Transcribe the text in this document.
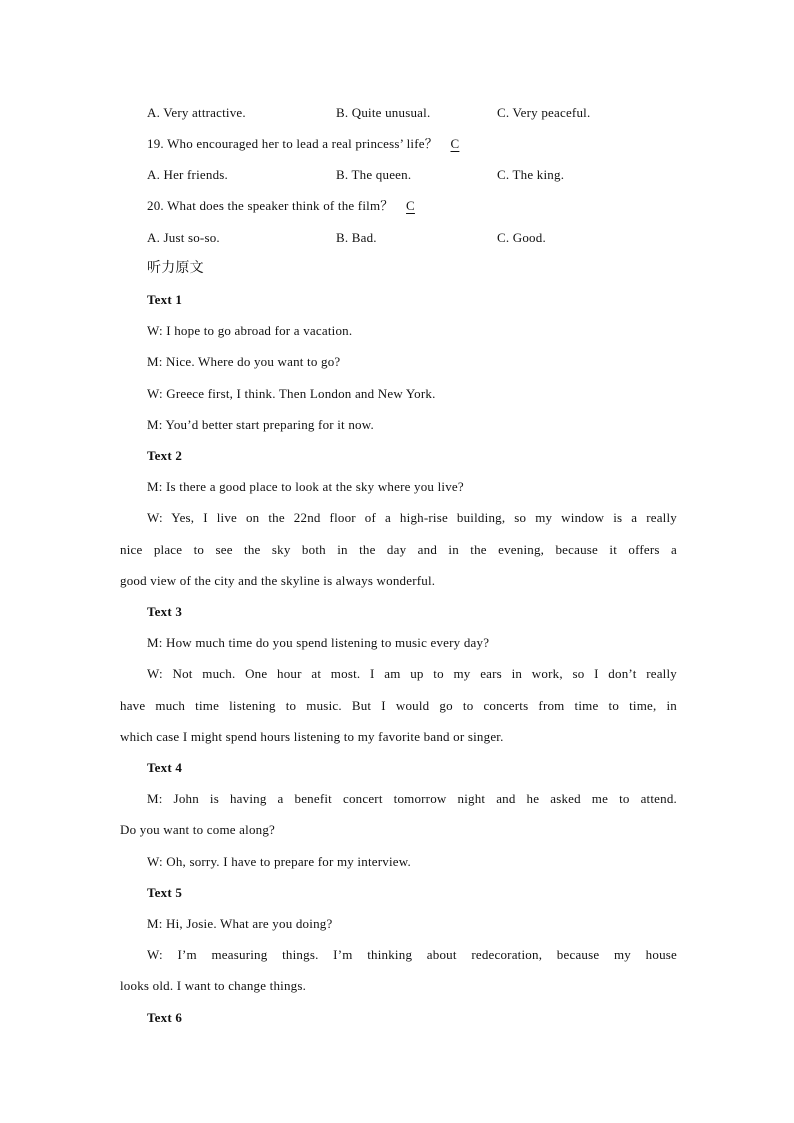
A. Very attractive.	B. Quite unusual.	C. Very peaceful.
19. Who encouraged her to lead a real princess’ life？ C
A. Her friends.	B. The queen.	C. The king.
20. What does the speaker think of the film？ C
A. Just so-so.	B. Bad.	C. Good.
听力原文
Text 1
W: I hope to go abroad for a vacation.
M: Nice. Where do you want to go?
W: Greece first, I think. Then London and New York.
M: You’d better start preparing for it now.
Text 2
M: Is there a good place to look at the sky where you live?
W: Yes, I live on the 22nd floor of a high-rise building, so my window is a really
nice place to see the sky both in the day and in the evening, because it offers a
good view of the city and the skyline is always wonderful.
Text 3
M: How much time do you spend listening to music every day?
W: Not much. One hour at most. I am up to my ears in work, so I don’t really
have much time listening to music. But I would go to concerts from time to time, in
which case I might spend hours listening to my favorite band or singer.
Text 4
M: John is having a benefit concert tomorrow night and he asked me to attend.
Do you want to come along?
W: Oh, sorry. I have to prepare for my interview.
Text 5
M: Hi, Josie. What are you doing?
W: I’m measuring things. I’m thinking about redecoration, because my house
looks old. I want to change things.
Text 6
